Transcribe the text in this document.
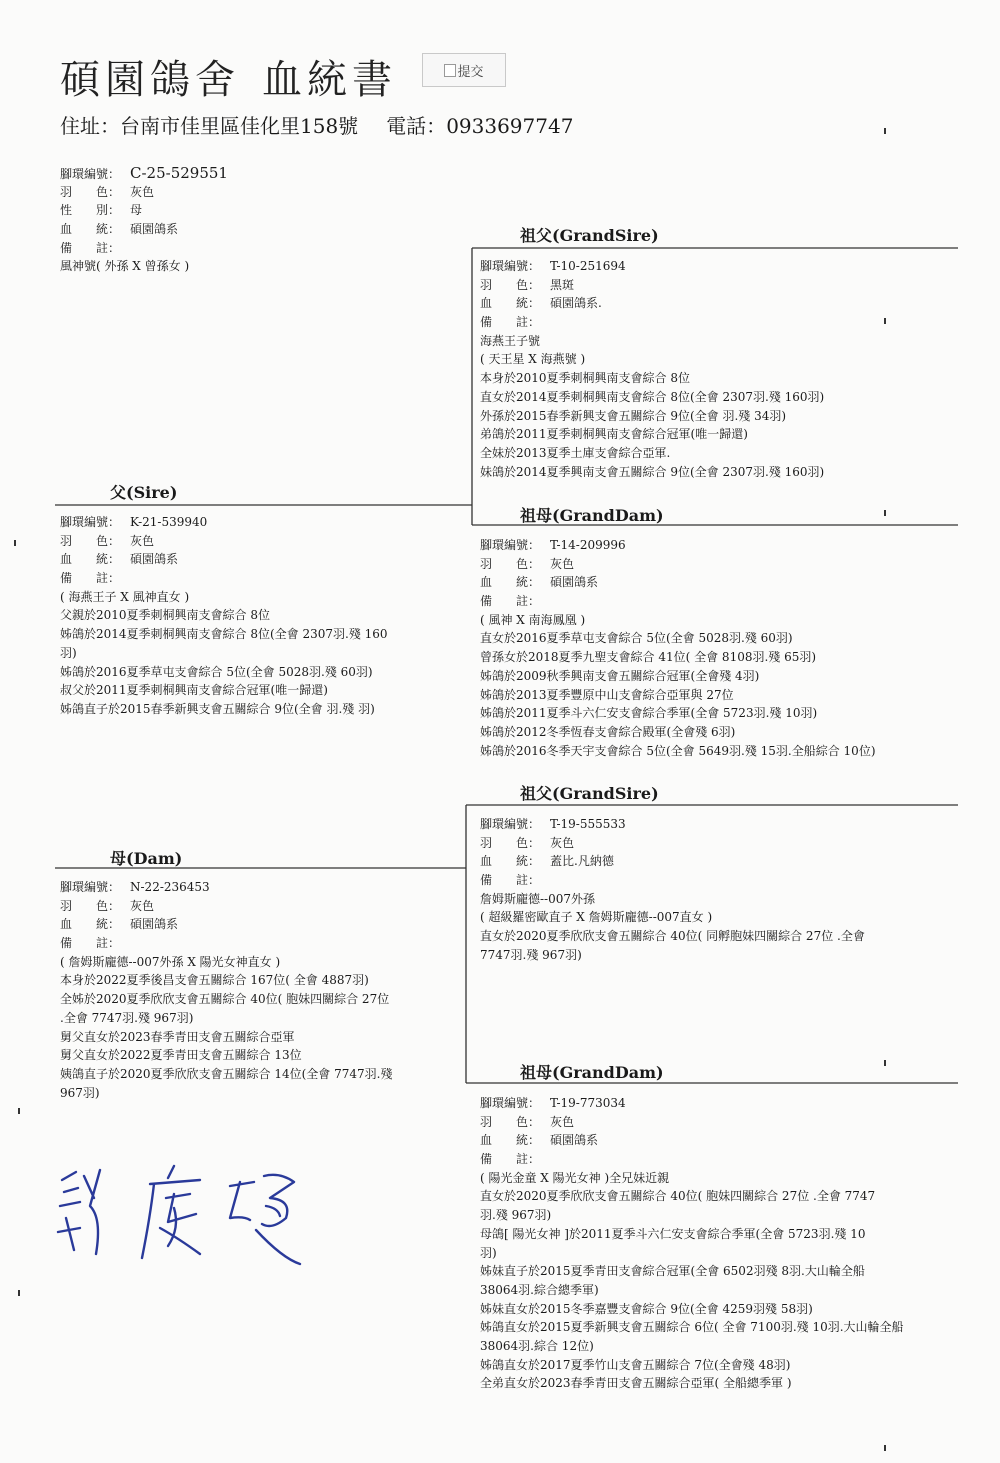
碩園鴿舍 血統書	提交
住址：台南市佳里區佳化里158號 電話：0933697747
腳環編號： C-25-529551
羽　　色： 灰色
性　　別： 母
血　　統： 碩園鴿系
備　　註：
風神號( 外孫 X 曾孫女 )
父(Sire)
腳環編號： K-21-539940
羽　　色： 灰色
血　　統： 碩園鴿系
備　　註：
( 海燕王子 X 風神直女 )
父親於2010夏季刺桐興南支會綜合 8位
姊鴿於2014夏季刺桐興南支會綜合 8位(全會 2307羽.殘 160
羽)
姊鴿於2016夏季草屯支會綜合 5位(全會 5028羽.殘 60羽)
叔父於2011夏季刺桐興南支會綜合冠軍(唯一歸還)
姊鴿直子於2015春季新興支會五關綜合 9位(全會 羽.殘 羽)
母(Dam)
腳環編號： N-22-236453
羽　　色： 灰色
血　　統： 碩園鴿系
備　　註：
( 詹姆斯龐德--007外孫 X 陽光女神直女 )
本身於2022夏季後昌支會五關綜合 167位( 全會 4887羽)
全姊於2020夏季欣欣支會五關綜合 40位( 胞妹四關綜合 27位
.全會 7747羽.殘 967羽)
舅父直女於2023春季青田支會五關綜合亞軍
舅父直女於2022夏季青田支會五關綜合 13位
姨鴿直子於2020夏季欣欣支會五關綜合 14位(全會 7747羽.殘
967羽)
祖父(GrandSire)
腳環編號： T-10-251694
羽　　色： 黑斑
血　　統： 碩園鴿系.
備　　註：
海燕王子號
( 天王星 X 海燕號 )
本身於2010夏季刺桐興南支會綜合 8位
直女於2014夏季刺桐興南支會綜合 8位(全會 2307羽.殘 160羽)
外孫於2015春季新興支會五關綜合 9位(全會 羽.殘 34羽)
弟鴿於2011夏季刺桐興南支會綜合冠軍(唯一歸還)
全妹於2013夏季土庫支會綜合亞軍.
妹鴿於2014夏季興南支會五關綜合 9位(全會 2307羽.殘 160羽)
祖母(GrandDam)
腳環編號： T-14-209996
羽　　色： 灰色
血　　統： 碩園鴿系
備　　註：
( 風神 X 南海鳳凰 )
直女於2016夏季草屯支會綜合 5位(全會 5028羽.殘 60羽)
曾孫女於2018夏季九聖支會綜合 41位( 全會 8108羽.殘 65羽)
姊鴿於2009秋季興南支會五關綜合冠軍(全會殘 4羽)
姊鴿於2013夏季豐原中山支會綜合亞軍與 27位
姊鴿於2011夏季斗六仁安支會綜合季軍(全會 5723羽.殘 10羽)
姊鴿於2012冬季恆春支會綜合殿軍(全會殘 6羽)
姊鴿於2016冬季天宇支會綜合 5位(全會 5649羽.殘 15羽.全船綜合 10位)
祖父(GrandSire)
腳環編號： T-19-555533
羽　　色： 灰色
血　　統： 蓋比.凡納德
備　　註：
詹姆斯龐德--007外孫
( 超級羅密歐直子 X 詹姆斯龐德--007直女 )
直女於2020夏季欣欣支會五關綜合 40位( 同孵胞妹四關綜合 27位 .全會
7747羽.殘 967羽)
祖母(GrandDam)
腳環編號： T-19-773034
羽　　色： 灰色
血　　統： 碩園鴿系
備　　註：
( 陽光金童 X 陽光女神 )全兄妹近親
直女於2020夏季欣欣支會五關綜合 40位( 胞妹四關綜合 27位 .全會 7747
羽.殘 967羽)
母鴿[ 陽光女神 ]於2011夏季斗六仁安支會綜合季軍(全會 5723羽.殘 10
羽)
姊妹直子於2015夏季青田支會綜合冠軍(全會 6502羽殘 8羽.大山輪全船
38064羽.綜合總季軍)
姊妹直女於2015冬季嘉豐支會綜合 9位(全會 4259羽殘 58羽)
姊鴿直女於2015夏季新興支會五關綜合 6位( 全會 7100羽.殘 10羽.大山輪全船
38064羽.綜合 12位)
姊鴿直女於2017夏季竹山支會五關綜合 7位(全會殘 48羽)
全弟直女於2023春季青田支會五關綜合亞軍( 全船總季軍 )
